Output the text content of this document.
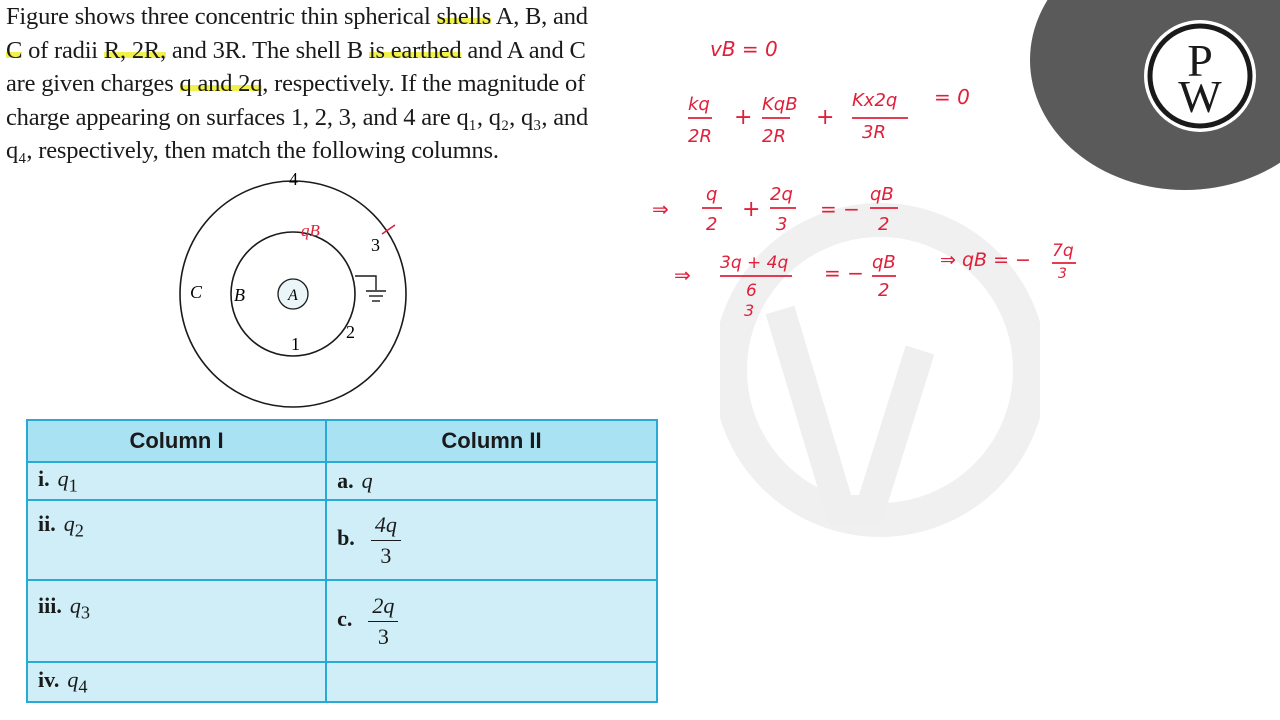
P
W
Figure shows three concentric thin spherical shells A, B, and
C of radii R, 2R, and 3R. The shell B is earthed and A and C
are given charges q and 2q, respectively. If the magnitude of
charge appearing on surfaces 1, 2, 3, and 4 are q₁, q₂, q₃, and
q₄, respectively, then match the following columns.
4
3
2
1
C B	A
qB
Column I	Column II
i. $q_1$	a. q
ii. $q_2$	b. $\frac{4q}{3}$

iii. $q_3$	c. $\frac{2q}{3}$

iv. $q_4$	
vB = 0
kq
2R
+
KqB
2R
+
Kx2q
3R
= 0
⇒
q
2
+
2q
3
= −
qB
2
⇒ 3q + 4q
6
3
= − qB
2
⇒ qB = − 7q
3
